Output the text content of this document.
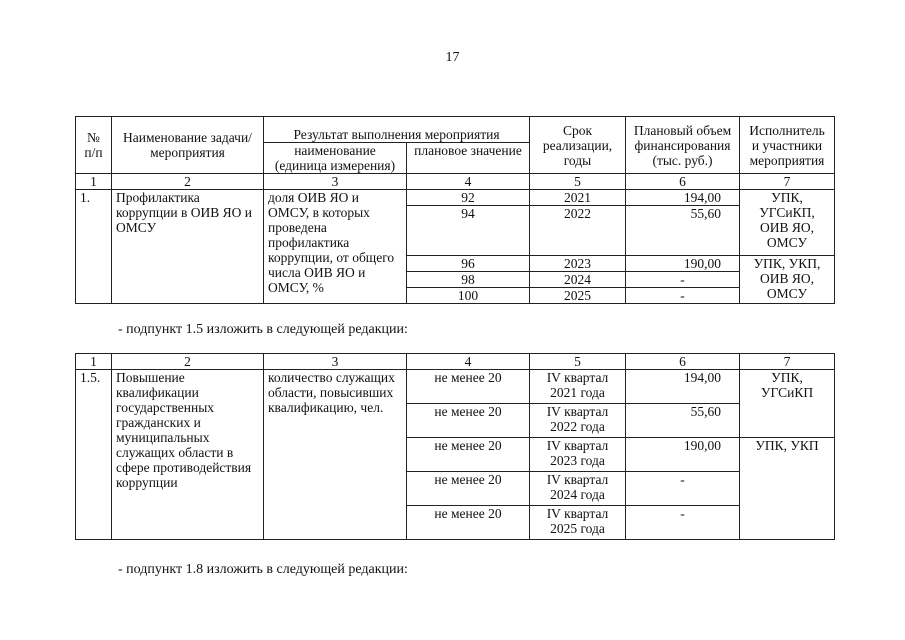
17
№ п/п	Наименование задачи/мероприятия	Результат выполнения мероприятия		Срок реализации, годы	Плановый объем финансирования (тыс. руб.)	Исполнитель и участники мероприятия
		наименование (единица измерения)	плановое значение			
1	2	3	4	5	6	7
1.	Профилактика коррупции в ОИВ ЯО и ОМСУ	доля ОИВ ЯО и ОМСУ, в которых проведена профилактика коррупции, от общего числа ОИВ ЯО и ОМСУ, %	92	2021	194,00	УПК, УГСиКП, ОИВ ЯО, ОМСУ
			94	2022	55,60	
			96	2023	190,00	УПК, УКП, ОИВ ЯО, ОМСУ
			98	2024	-	
			100	2025	-	
- подпункт 1.5 изложить в следующей редакции:
1	2	3	4	5	6	7
1.5.	Повышение квалификации государственных гражданских и муниципальных служащих области в сфере противодействия коррупции	количество служащих области, повысивших квалификацию, чел.	не менее 20	IV квартал 2021 года	194,00	УПК, УГСиКП
			не менее 20	IV квартал 2022 года	55,60	
			не менее 20	IV квартал 2023 года	190,00	УПК, УКП
			не менее 20	IV квартал 2024 года	-	
			не менее 20	IV квартал 2025 года	-	
- подпункт 1.8 изложить в следующей редакции:
